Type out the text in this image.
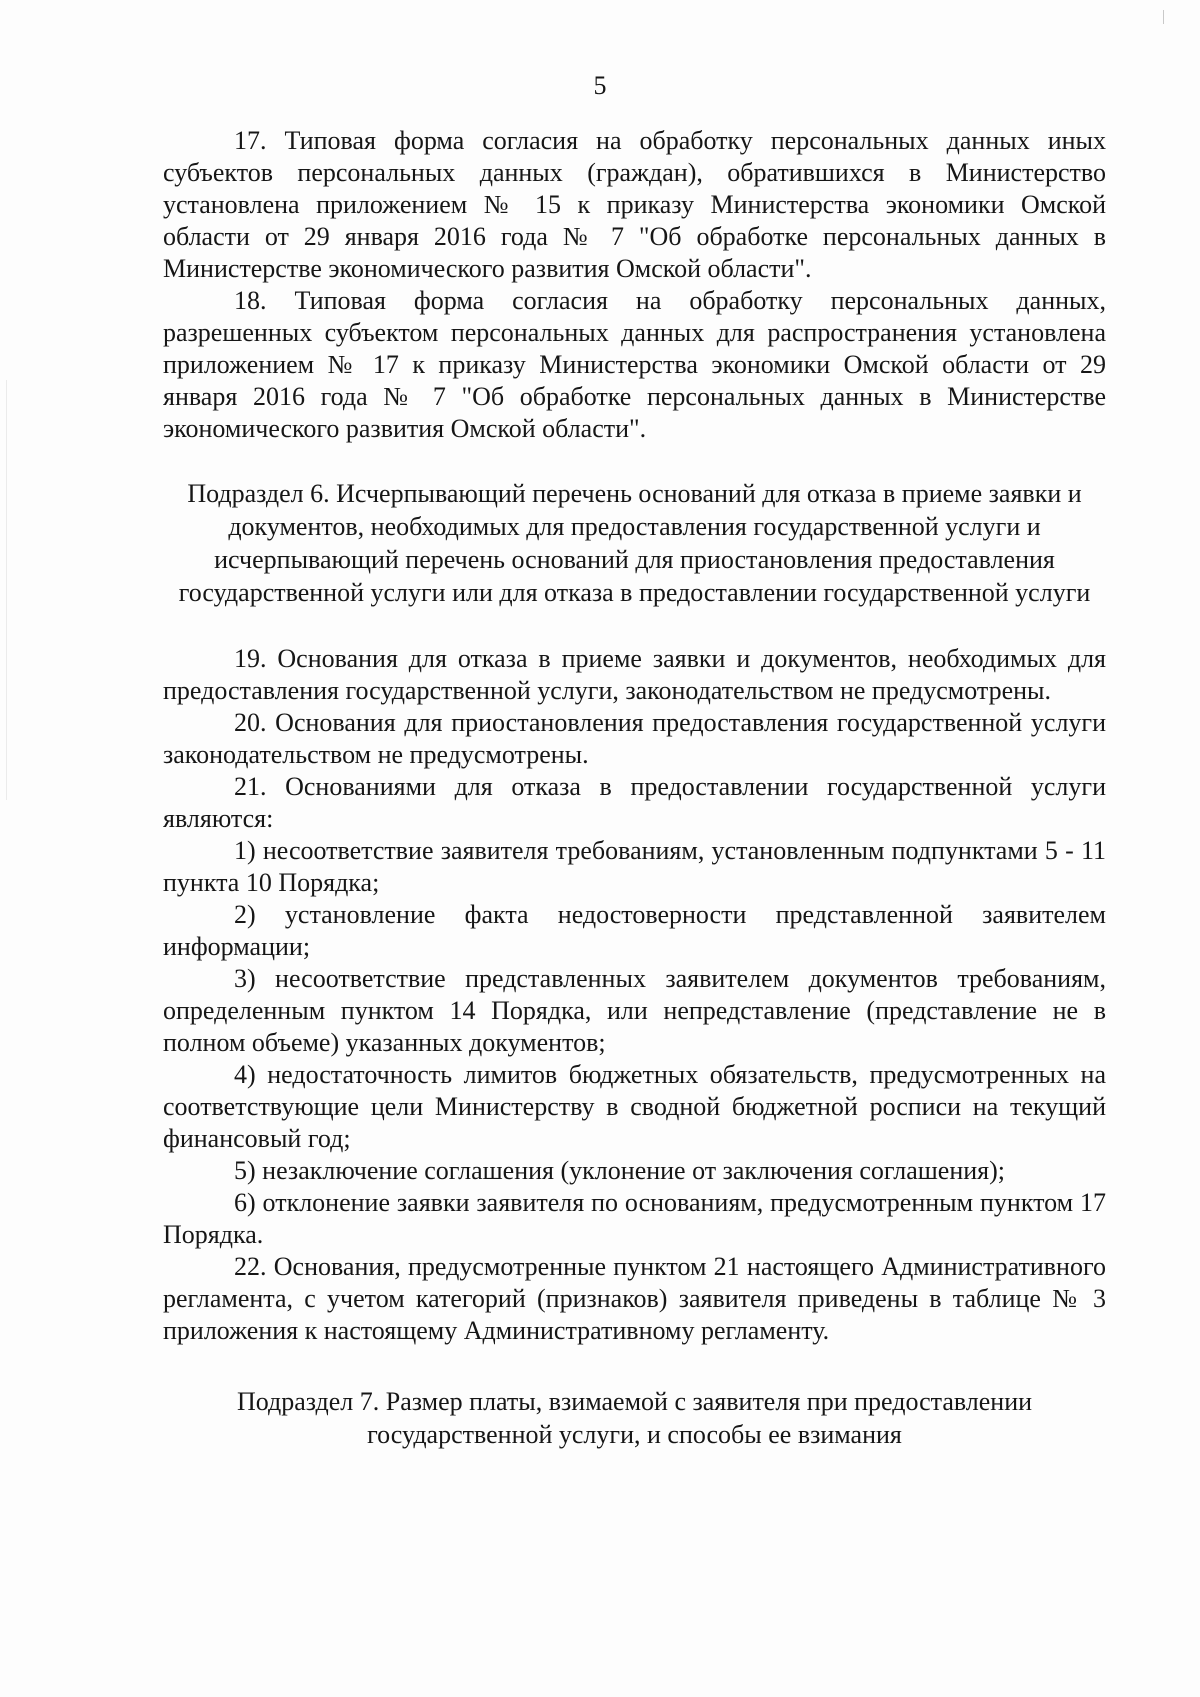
5

17. Типовая форма согласия на обработку персональных данных иных субъектов персональных данных (граждан), обратившихся в Министерство установлена приложением № 15 к приказу Министерства экономики Омской области от 29 января 2016 года № 7 "Об обработке персональных данных в Министерстве экономического развития Омской области".

18. Типовая форма согласия на обработку персональных данных, разрешенных субъектом персональных данных для распространения установлена приложением № 17 к приказу Министерства экономики Омской области от 29 января 2016 года № 7 "Об обработке персональных данных в Министерстве экономического развития Омской области".

Подраздел 6. Исчерпывающий перечень оснований для отказа в приеме заявки и документов, необходимых для предоставления государственной услуги и исчерпывающий перечень оснований для приостановления предоставления государственной услуги или для отказа в предоставлении государственной услуги

19. Основания для отказа в приеме заявки и документов, необходимых для предоставления государственной услуги, законодательством не предусмотрены.

20. Основания для приостановления предоставления государственной услуги законодательством не предусмотрены.

21. Основаниями для отказа в предоставлении государственной услуги являются:

1) несоответствие заявителя требованиям, установленным подпунктами 5 - 11 пункта 10 Порядка;

2) установление факта недостоверности представленной заявителем информации;

3) несоответствие представленных заявителем документов требованиям, определенным пунктом 14 Порядка, или непредставление (представление не в полном объеме) указанных документов;

4) недостаточность лимитов бюджетных обязательств, предусмотренных на соответствующие цели Министерству в сводной бюджетной росписи на текущий финансовый год;

5) незаключение соглашения (уклонение от заключения соглашения);

6) отклонение заявки заявителя по основаниям, предусмотренным пунктом 17 Порядка.

22. Основания, предусмотренные пунктом 21 настоящего Административного регламента, с учетом категорий (признаков) заявителя приведены в таблице № 3 приложения к настоящему Административному регламенту.

Подраздел 7. Размер платы, взимаемой с заявителя при предоставлении государственной услуги, и способы ее взимания
